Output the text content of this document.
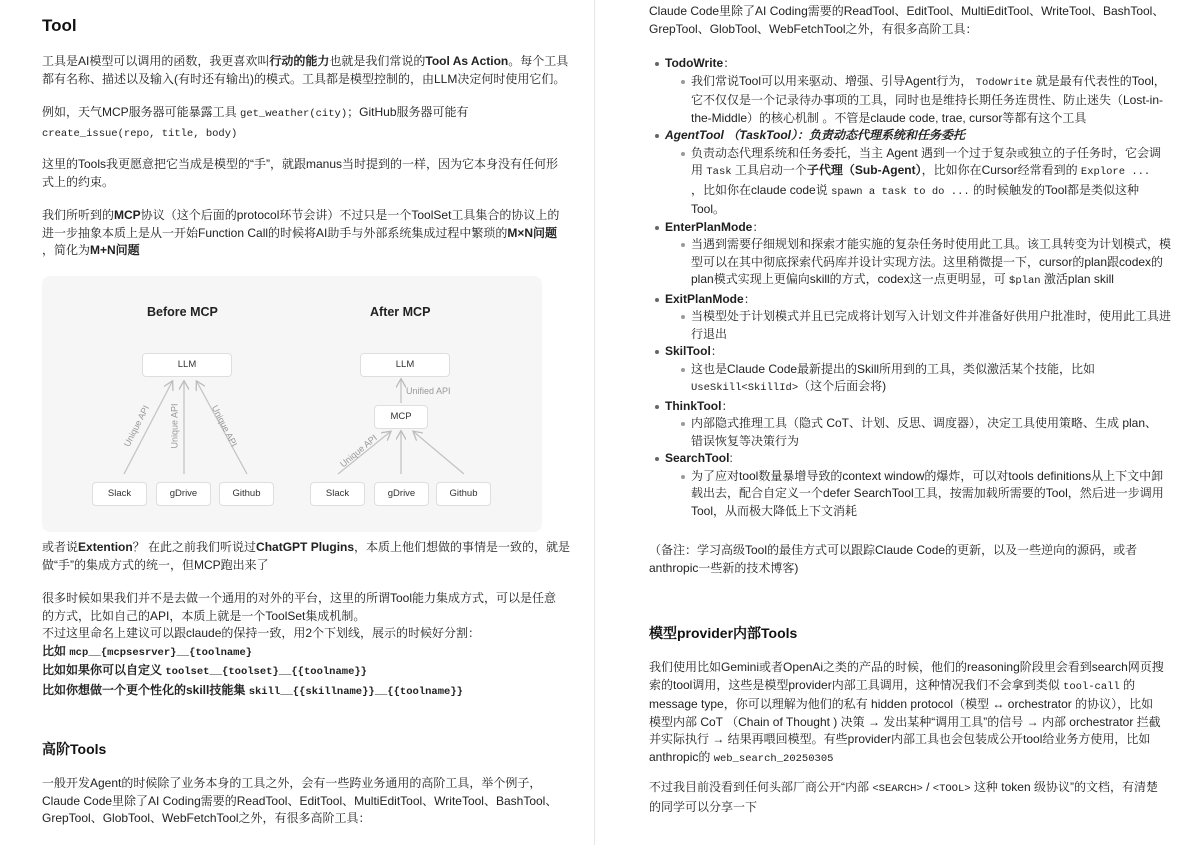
Tool

工具是AI模型可以调用的函数，我更喜欢叫行动的能力也就是我们常说的Tool As Action。每个工具
都有名称、描述以及输入(有时还有输出)的模式。工具都是模型控制的，由LLM决定何时使用它们。

例如，天气MCP服务器可能暴露工具 get_weather(city)；GitHub服务器可能有
create_issue(repo, title, body)

这里的Tools我更愿意把它当成是模型的“手”，就跟manus当时提到的一样，因为它本身没有任何形
式上的约束。

我们所听到的MCP协议（这个后面的protocol环节会讲）不过只是一个ToolSet工具集合的协议上的
进一步抽象本质上是从一开始Function Call的时候将AI助手与外部系统集成过程中繁琐的M×N问题
，简化为M+N问题

Before MCP	After MCP
LLM	LLM
MCP
Slack	gDrive	Github	Slack	gDrive	Github
Unique API Unique API	Unique API
Unique API
Unified API

或者说Extention？ 在此之前我们听说过ChatGPT Plugins，本质上他们想做的事情是一致的，就是
做“手”的集成方式的统一，但MCP跑出来了

很多时候如果我们并不是去做一个通用的对外的平台，这里的所谓Tool能力集成方式，可以是任意
的方式，比如自己的API，本质上就是一个ToolSet集成机制。
不过这里命名上建议可以跟claude的保持一致，用2个下划线，展示的时候好分割：
比如 mcp__{mcpsesrver}__{toolname}
比如如果你可以自定义 toolset__{toolset}__{{toolname}}
比如你想做一个更个性化的skill技能集 skill__{{skillname}}__{{toolname}}

高阶Tools

一般开发Agent的时候除了业务本身的工具之外，会有一些跨业务通用的高阶工具，举个例子，
Claude Code里除了AI Coding需要的ReadTool、EditTool、MultiEditTool、WriteTool、BashTool、
GrepTool、GlobTool、WebFetchTool之外，有很多高阶工具：

Claude Code里除了AI Coding需要的ReadTool、EditTool、MultiEditTool、WriteTool、BashTool、
GrepTool、GlobTool、WebFetchTool之外，有很多高阶工具：

TodoWrite：
我们常说Tool可以用来驱动、增强、引导Agent行为， TodoWrite 就是最有代表性的Tool，
它不仅仅是一个记录待办事项的工具，同时也是维持长期任务连贯性、防止迷失（Lost-in-
the-Middle）的核心机制 。不管是claude code, trae, cursor等都有这个工具
AgentTool （TaskTool）：负责动态代理系统和任务委托
负责动态代理系统和任务委托，当主 Agent 遇到一个过于复杂或独立的子任务时，它会调
用 Task 工具启动一个子代理（Sub-Agent），比如你在Cursor经常看到的 Explore ...
，比如你在claude code说 spawn a task to do ... 的时候触发的Tool都是类似这种
Tool。
EnterPlanMode：
当遇到需要仔细规划和探索才能实施的复杂任务时使用此工具。该工具转变为计划模式，模
型可以在其中彻底探索代码库并设计实现方法。这里稍微提一下，cursor的plan跟codex的
plan模式实现上更偏向skill的方式，codex这一点更明显，可 $plan 激活plan skill
ExitPlanMode：
当模型处于计划模式并且已完成将计划写入计划文件并准备好供用户批准时，使用此工具进
行退出
SkilTool：
这也是Claude Code最新提出的Skill所用到的工具，类似激活某个技能，比如
UseSkill<SkillId>（这个后面会将)
ThinkTool：
内部隐式推理工具（隐式 CoT、计划、反思、调度器），决定工具使用策略、生成 plan、
错误恢复等决策行为
SearchTool:
为了应对tool数量暴增导致的context window的爆炸，可以对tools definitions从上下文中卸
载出去，配合自定义一个defer SearchTool工具，按需加载所需要的Tool，然后进一步调用
Tool，从而极大降低上下文消耗

（备注：学习高级Tool的最佳方式可以跟踪Claude Code的更新，以及一些逆向的源码，或者
anthropic一些新的技术博客)

模型provider内部Tools

我们使用比如Gemini或者OpenAi之类的产品的时候，他们的reasoning阶段里会看到search网页搜
索的tool调用，这些是模型provider内部工具调用，这种情况我们不会拿到类似 tool-call 的
message type，你可以理解为他们的私有 hidden protocol（模型 ↔ orchestrator 的协议），比如
模型内部 CoT （Chain of Thought ) 决策 → 发出某种“调用工具”的信号 → 内部 orchestrator 拦截
并实际执行 → 结果再喂回模型。有些provider内部工具也会包装成公开tool给业务方使用，比如
anthropic的 web_search_20250305

不过我目前没看到任何头部厂商公开“内部 <SEARCH> / <TOOL> 这种 token 级协议”的文档，有清楚
的同学可以分享一下
